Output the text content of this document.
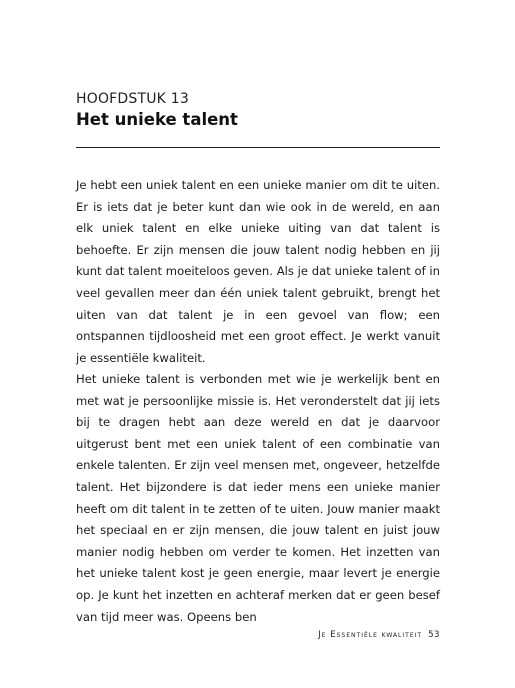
HOOFDSTUK 13
Het unieke talent

Je hebt een uniek talent en een unieke manier om dit te uiten. Er is iets dat je beter kunt dan wie ook in de wereld, en aan elk uniek talent en elke unieke uiting van dat talent is behoefte. Er zijn mensen die jouw talent nodig hebben en jij kunt dat talent moeiteloos geven. Als je dat unieke talent of in veel gevallen meer dan één uniek talent gebruikt, brengt het uiten van dat talent je in een gevoel van flow; een ontspannen tijdloosheid met een groot effect. Je werkt vanuit je essentiële kwaliteit.

Het unieke talent is verbonden met wie je werkelijk bent en met wat je persoonlijke missie is. Het veronderstelt dat jij iets bij te dragen hebt aan deze wereld en dat je daarvoor uitgerust bent met een uniek talent of een combinatie van enkele talenten. Er zijn veel mensen met, ongeveer, hetzelfde talent. Het bijzondere is dat ieder mens een unieke manier heeft om dit talent in te zetten of te uiten. Jouw manier maakt het speciaal en er zijn mensen, die jouw talent en juist jouw manier nodig hebben om verder te komen. Het inzetten van het unieke talent kost je geen energie, maar levert je energie op. Je kunt het inzetten en achteraf merken dat er geen besef van tijd meer was. Opeens ben

Je Essentiële kwaliteit 53
